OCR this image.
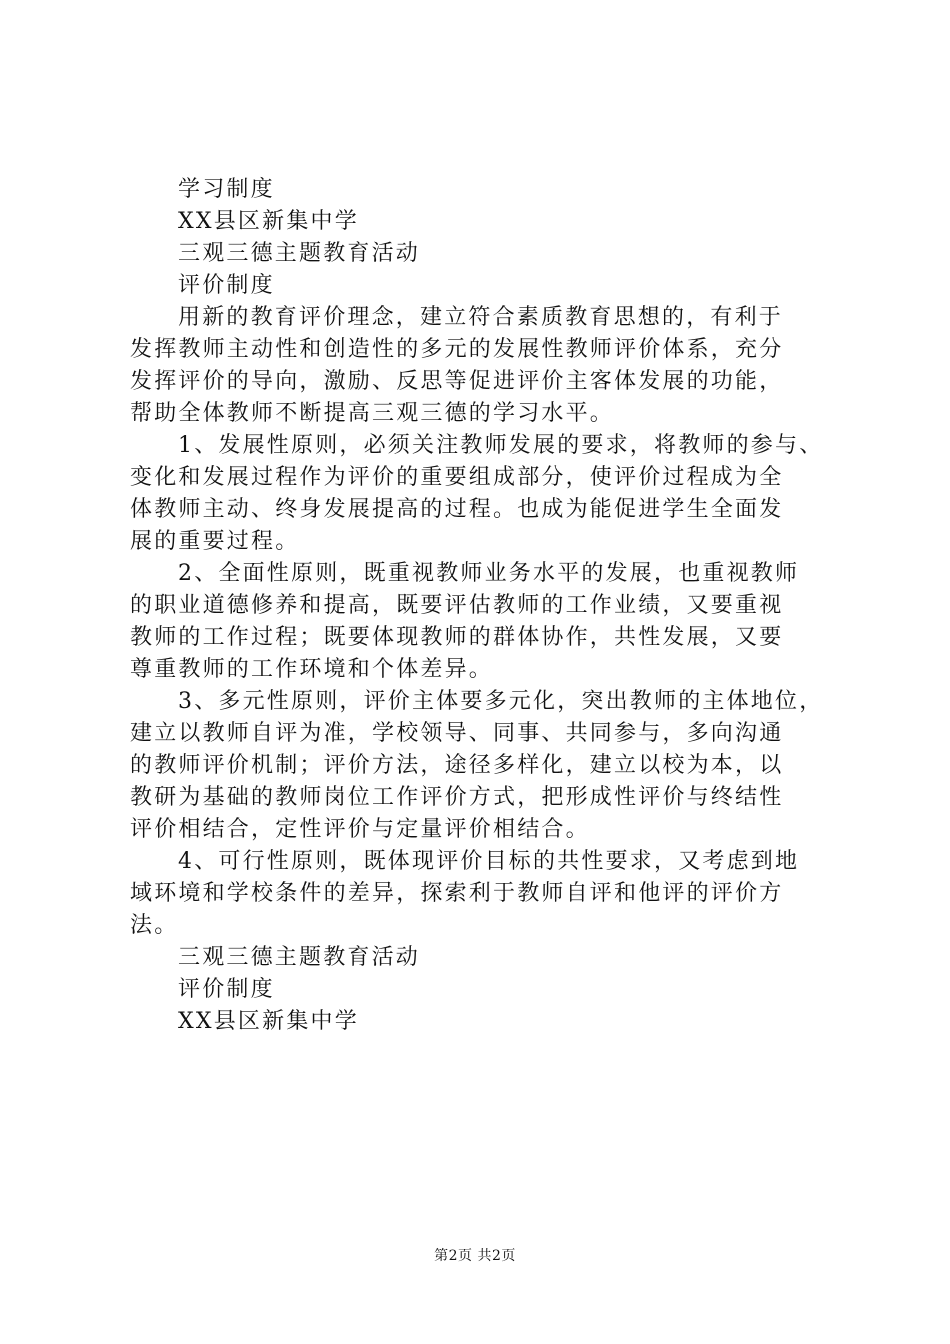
学习制度
XX县区新集中学
三观三德主题教育活动
评价制度
用新的教育评价理念，建立符合素质教育思想的，有利于
发挥教师主动性和创造性的多元的发展性教师评价体系，充分
发挥评价的导向，激励、反思等促进评价主客体发展的功能，
帮助全体教师不断提高三观三德的学习水平。
1、发展性原则，必须关注教师发展的要求，将教师的参与、
变化和发展过程作为评价的重要组成部分，使评价过程成为全
体教师主动、终身发展提高的过程。也成为能促进学生全面发
展的重要过程。
2、全面性原则，既重视教师业务水平的发展，也重视教师
的职业道德修养和提高，既要评估教师的工作业绩，又要重视
教师的工作过程；既要体现教师的群体协作，共性发展，又要
尊重教师的工作环境和个体差异。
3、多元性原则，评价主体要多元化，突出教师的主体地位，
建立以教师自评为准，学校领导、同事、共同参与，多向沟通
的教师评价机制；评价方法，途径多样化，建立以校为本，以
教研为基础的教师岗位工作评价方式，把形成性评价与终结性
评价相结合，定性评价与定量评价相结合。
4、可行性原则，既体现评价目标的共性要求，又考虑到地
域环境和学校条件的差异，探索利于教师自评和他评的评价方
法。
三观三德主题教育活动
评价制度
XX县区新集中学
第2页 共2页
